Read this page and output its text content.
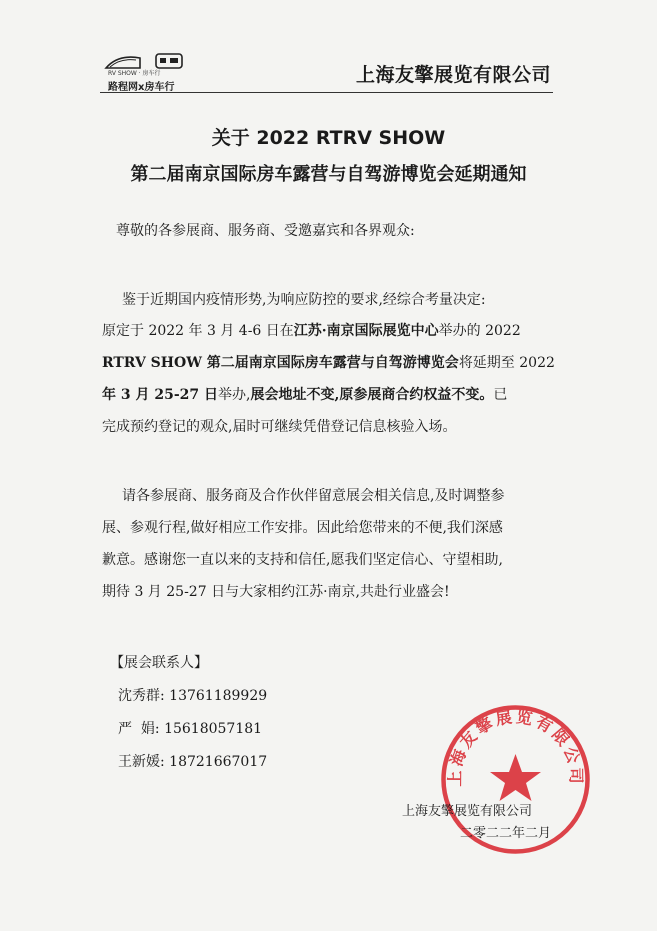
RV SHOW · 房车行
路程网x房车行
上海友擎展览有限公司
关于 2022 RTRV SHOW
第二届南京国际房车露营与自驾游博览会延期通知
尊敬的各参展商、服务商、受邀嘉宾和各界观众:
鉴于近期国内疫情形势,为响应防控的要求,经综合考量决定:
原定于 2022 年 3 月 4-6 日在江苏·南京国际展览中心举办的 2022
RTRV SHOW 第二届南京国际房车露营与自驾游博览会将延期至 2022
年 3 月 25-27 日举办,展会地址不变,原参展商合约权益不变。已
完成预约登记的观众,届时可继续凭借登记信息核验入场。
请各参展商、服务商及合作伙伴留意展会相关信息,及时调整参
展、参观行程,做好相应工作安排。因此给您带来的不便,我们深感
歉意。感谢您一直以来的支持和信任,愿我们坚定信心、守望相助,
期待 3 月 25-27 日与大家相约江苏·南京,共赴行业盛会!
【展会联系人】
沈秀群: 13761189929
严  娟: 15618057181
王新媛: 18721667017
上海友擎展览有限公司
上海友擎展览有限公司
二零二二年二月
